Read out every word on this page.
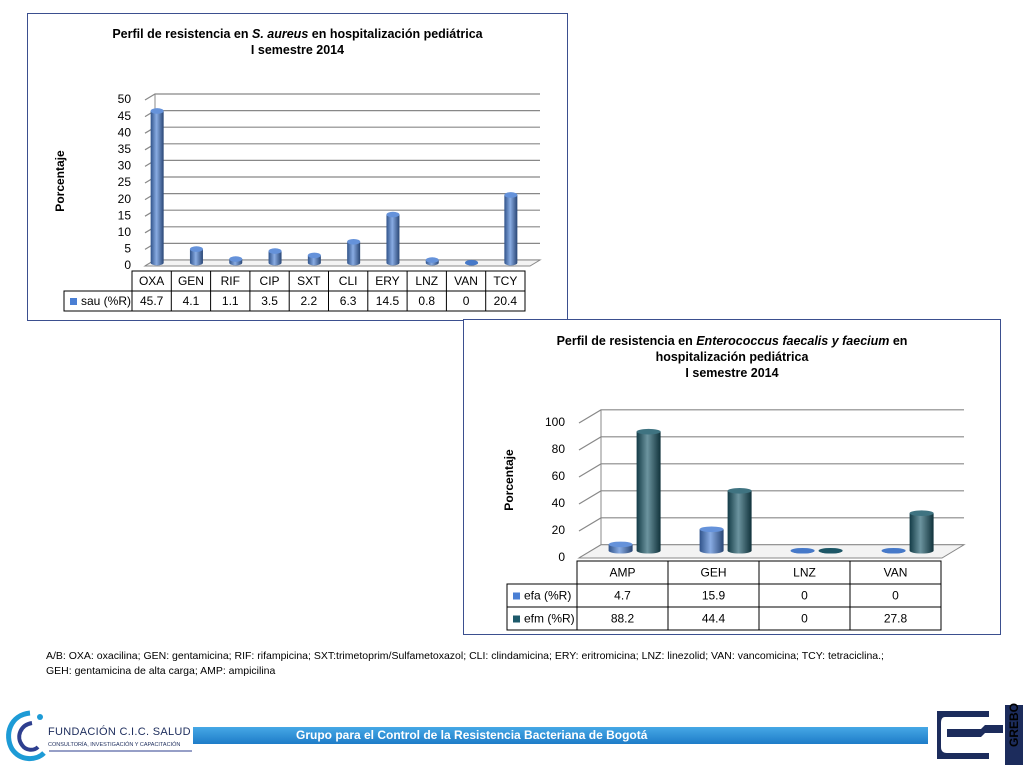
Perfil de resistencia en S. aureus en hospitalización pediátrica
I semestre 2014
Porcentaje
50
45
40
35
30
25
20
15
10
5
0
OXA GEN RIF CIP SXT CLI ERY LNZ VAN TCY
sau (%R) 45.7 4.1 1.1 3.5 2.2 6.3 14.5 0.8 0 20.4
Perfil de resistencia en Enterococcus faecalis y faecium en
hospitalización pediátrica
I semestre 2014
Porcentaje
100
80
60
40
20
0
AMP	GEH	LNZ	VAN
efa (%R)	4.7	15.9	0	0
efm (%R)	88.2	44.4	0	27.8
A/B: OXA: oxacilina; GEN: gentamicina; RIF: rifampicina; SXT:trimetoprim/Sulfametoxazol; CLI: clindamicina; ERY: eritromicina; LNZ: linezolid; VAN: vancomicina; TCY: tetraciclina.;
GEH: gentamicina de alta carga; AMP: ampicilina
FUNDACIÓN C.I.C. SALUD
CONSULTORÍA, INVESTIGACIÓN Y CAPACITACIÓN
Grupo para el Control de la Resistencia Bacteriana de Bogotá	GREBO
